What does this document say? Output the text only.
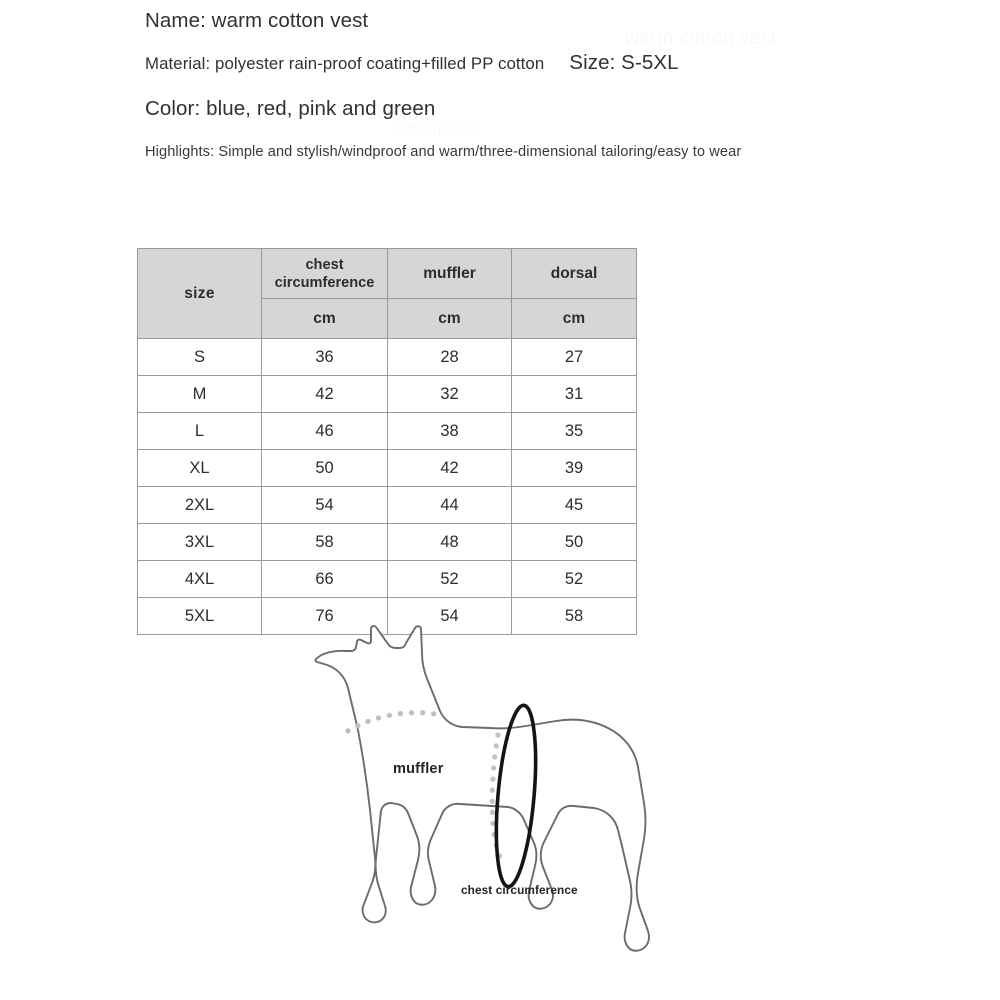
warm cotton vest
Name: warm cotton vest
Material: polyester rain-proof coating+filled PP cotton Size: S-5XL
Color: blue, red, pink and green
Highlights: Simple and stylish/windproof and warm/three-dimensional tailoring/easy to wear
size	chest circumference	muffler	dorsal
	cm	cm	cm
S	36	28	27
M	42	32	31
L	46	38	35
XL	50	42	39
2XL	54	44	45
3XL	58	48	50
4XL	66	52	52
5XL	76	54	58
muffler
chest circumference
